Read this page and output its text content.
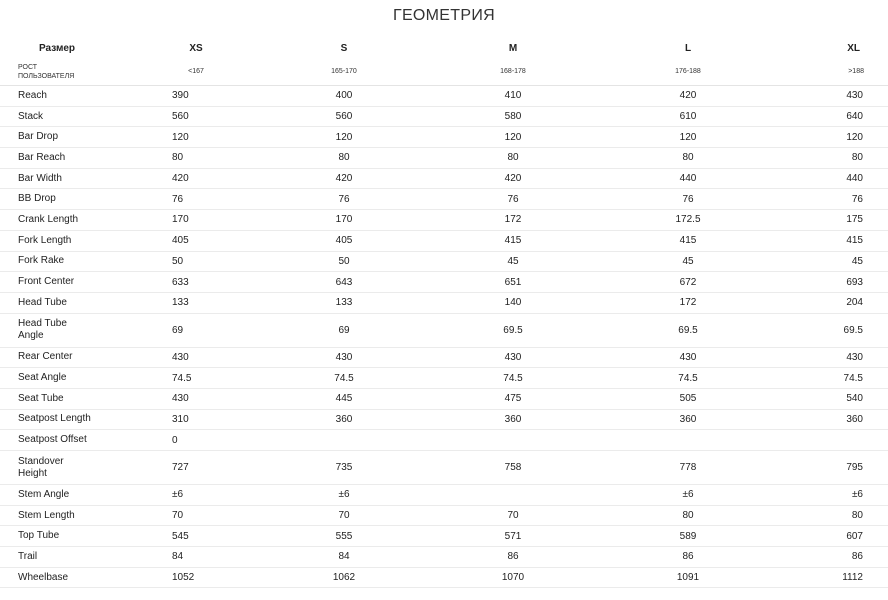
ГЕОМЕТРИЯ
Размер	XS	S	M	L	XL
РОСТ
ПОЛЬЗОВАТЕЛЯ	<167	165-170	168-178	176-188	>188
Reach	390	400	410	420	430
Stack	560	560	580	610	640
Bar Drop	120	120	120	120	120
Bar Reach	80	80	80	80	80
Bar Width	420	420	420	440	440
BB Drop	76	76	76	76	76
Crank Length	170	170	172	172.5	175
Fork Length	405	405	415	415	415
Fork Rake	50	50	45	45	45
Front Center	633	643	651	672	693
Head Tube	133	133	140	172	204
Head Tube
Angle	69	69	69.5	69.5	69.5
Rear Center	430	430	430	430	430
Seat Angle	74.5	74.5	74.5	74.5	74.5
Seat Tube	430	445	475	505	540
Seatpost Length	310	360	360	360	360
Seatpost Offset	0				
Standover
Height	727	735	758	778	795
Stem Angle	±6	±6		±6	±6
Stem Length	70	70	70	80	80
Top Tube	545	555	571	589	607
Trail	84	84	86	86	86
Wheelbase	1052	1062	1070	1091	1112
